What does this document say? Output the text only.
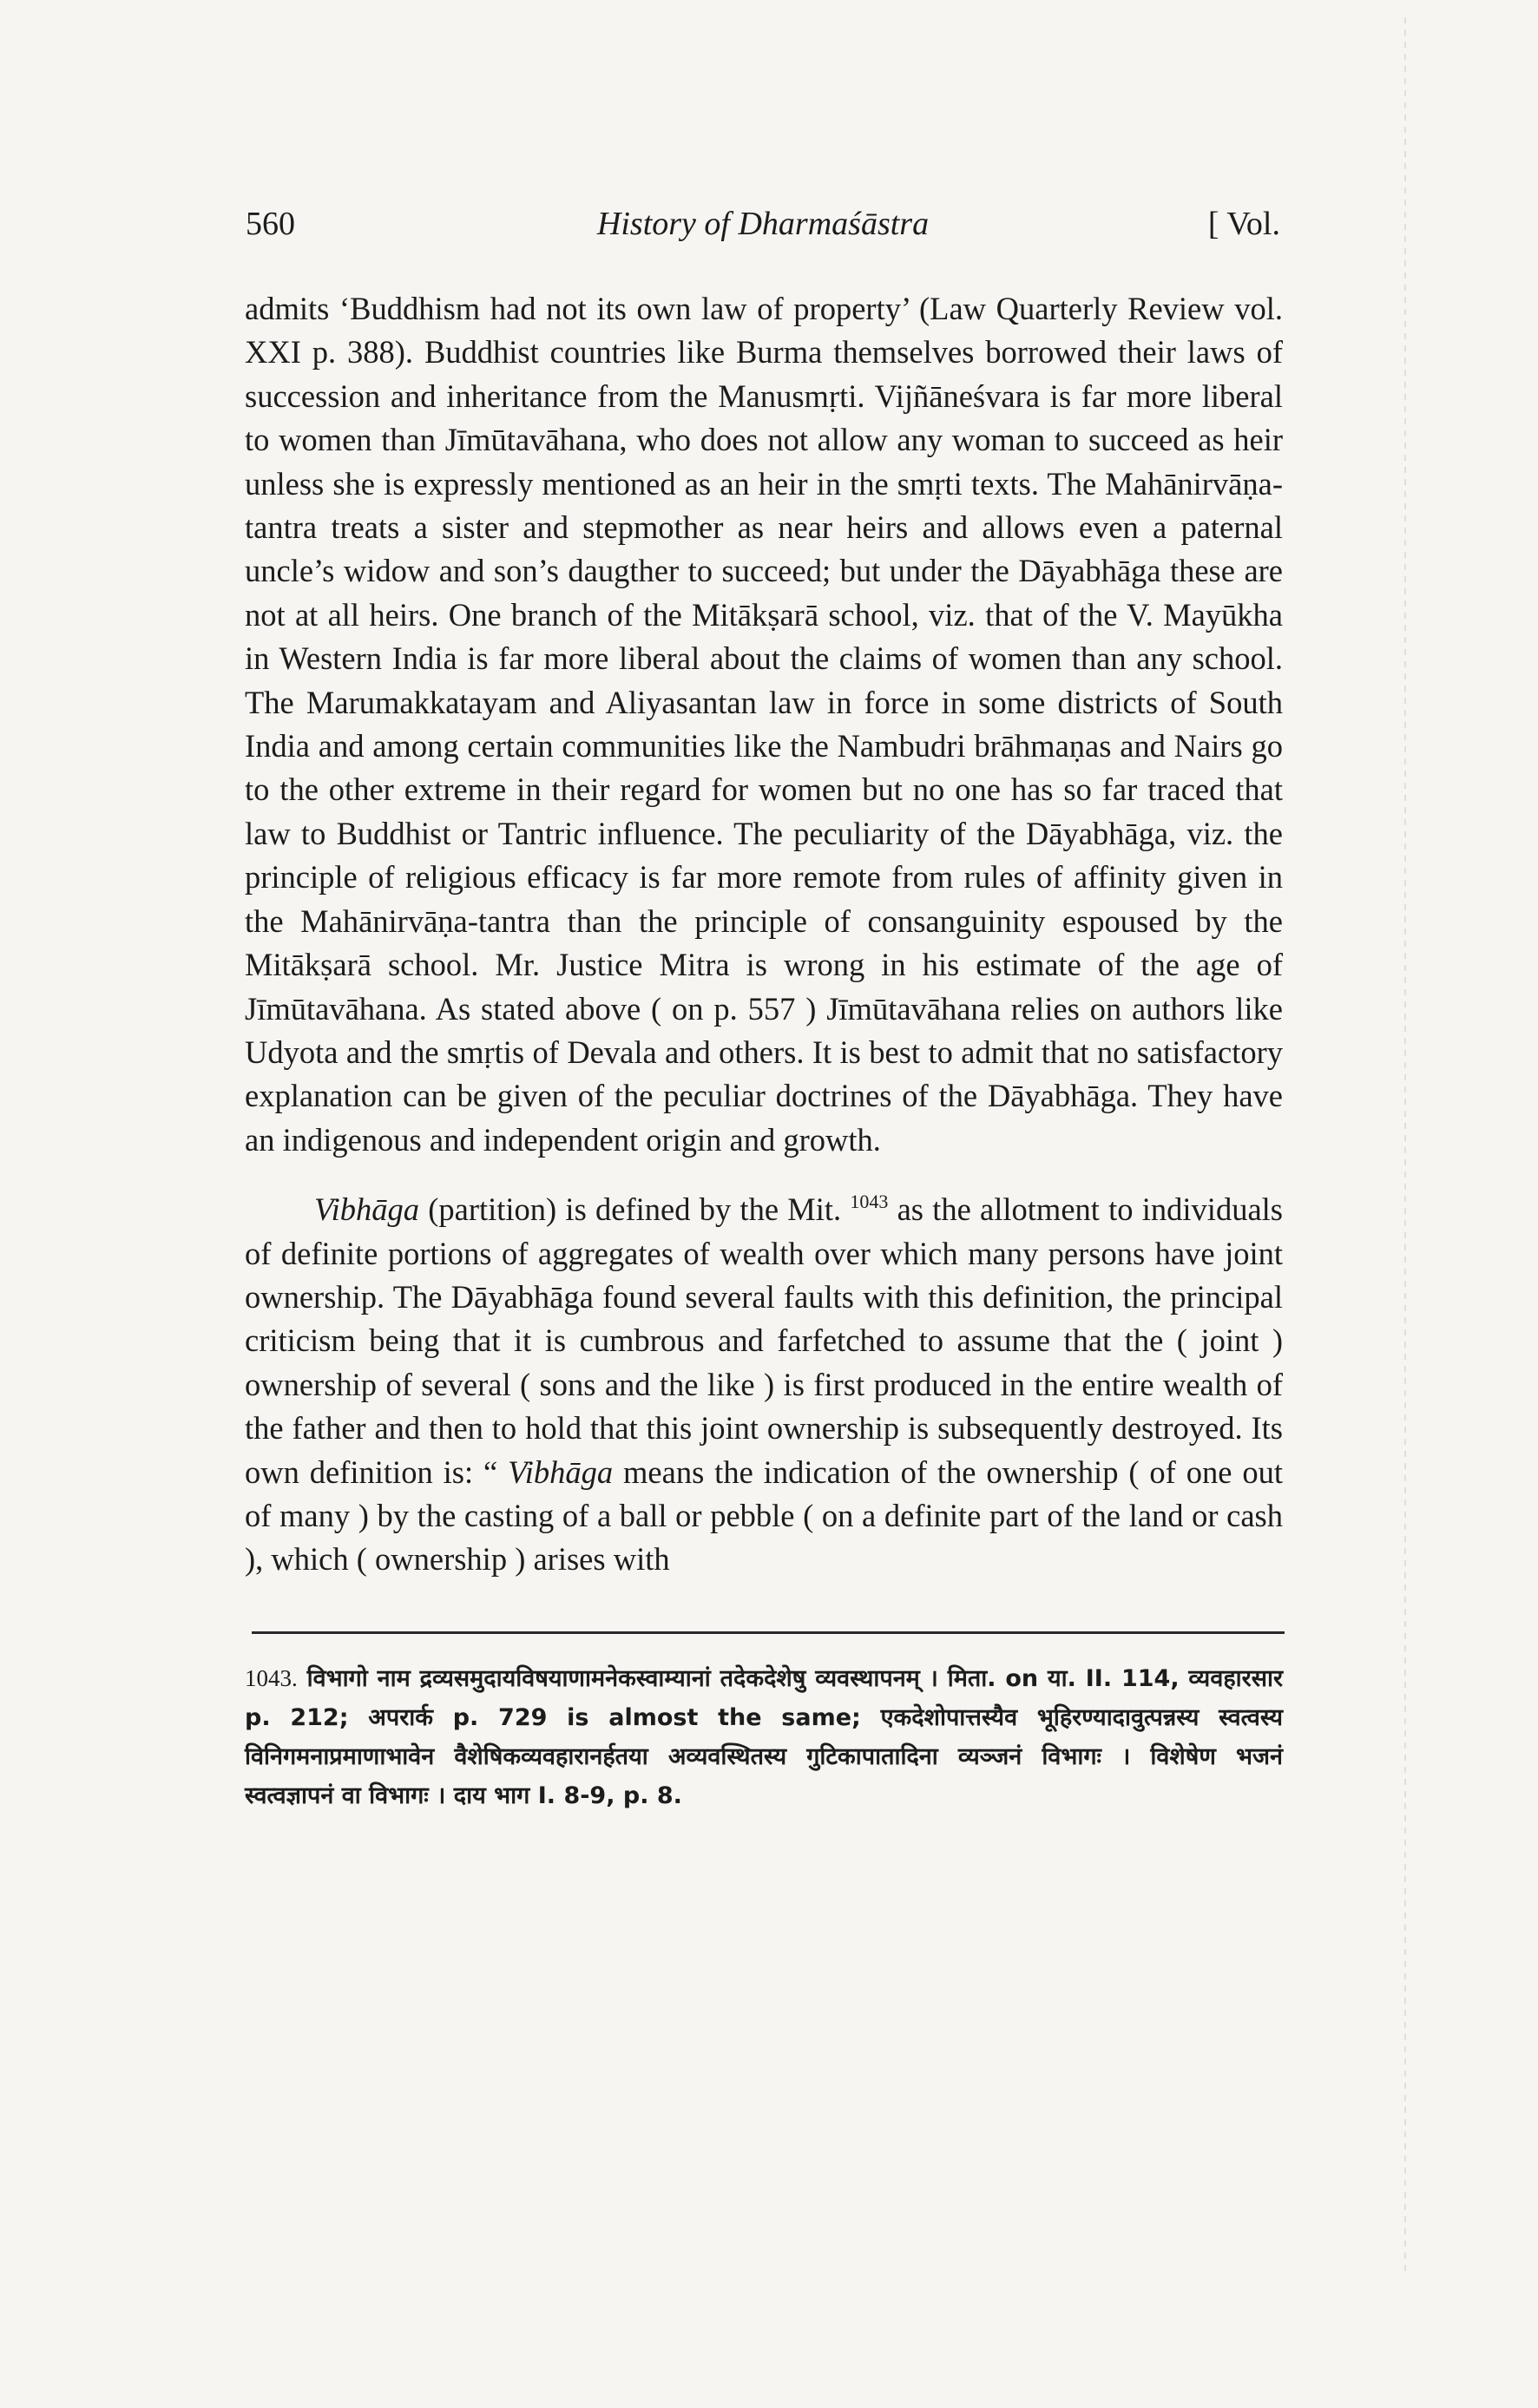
560	History of Dharmaśāstra	[ Vol.

admits ‘Buddhism had not its own law of property’ (Law Quarterly Review vol. XXI p. 388). Buddhist countries like Burma themselves borrowed their laws of succession and inheritance from the Manusmṛti. Vijñāneśvara is far more liberal to women than Jīmūtavāhana, who does not allow any woman to succeed as heir unless she is expressly mentioned as an heir in the smṛti texts. The Mahānirvāṇa-tantra treats a sister and stepmother as near heirs and allows even a paternal uncle’s widow and son’s daugther to succeed; but under the Dāyabhāga these are not at all heirs. One branch of the Mitākṣarā school, viz. that of the V. Mayūkha in Western India is far more liberal about the claims of women than any school. The Marumakkatayam and Aliyasantan law in force in some districts of South India and among certain communities like the Nambudri brāhmaṇas and Nairs go to the other extreme in their regard for women but no one has so far traced that law to Buddhist or Tantric influence. The peculiarity of the Dāyabhāga, viz. the principle of religious efficacy is far more remote from rules of affinity given in the Mahānirvāṇa-tantra than the principle of consanguinity espoused by the Mitākṣarā school. Mr. Justice Mitra is wrong in his estimate of the age of Jīmūtavāhana. As stated above ( on p. 557 ) Jīmūtavāhana relies on authors like Udyota and the smṛtis of Devala and others. It is best to admit that no satisfactory explanation can be given of the peculiar doctrines of the Dāyabhāga. They have an indigenous and independent origin and growth.

Vibhāga (partition) is defined by the Mit. $^{1043}$ as the allotment to individuals of definite portions of aggregates of wealth over which many persons have joint ownership. The Dāyabhāga found several faults with this definition, the principal criticism being that it is cumbrous and farfetched to assume that the ( joint ) ownership of several ( sons and the like ) is first produced in the entire wealth of the father and then to hold that this joint ownership is subsequently destroyed. Its own definition is: “ Vibhāga means the indication of the ownership ( of one out of many ) by the casting of a ball or pebble ( on a definite part of the land or cash ), which ( ownership ) arises with

1043. विभागो नाम द्रव्यसमुदायविषयाणामनेकस्वाम्यानां तदेकदेशेषु व्यवस्थापनम् । मिता. on या. II. 114, व्यवहारसार p. 212; अपरार्क p. 729 is almost the same; एकदेशोपात्तस्यैव भूहिरण्यादावुत्पन्नस्य स्वत्वस्य विनिगमनाप्रमाणाभावेन वैशेषिकव्यवहारानर्हतया अव्यवस्थितस्य गुटिकापातादिना व्यञ्जनं विभागः । विशेषेण भजनं स्वत्वज्ञापनं वा विभागः । दाय भाग I. 8-9, p. 8.
